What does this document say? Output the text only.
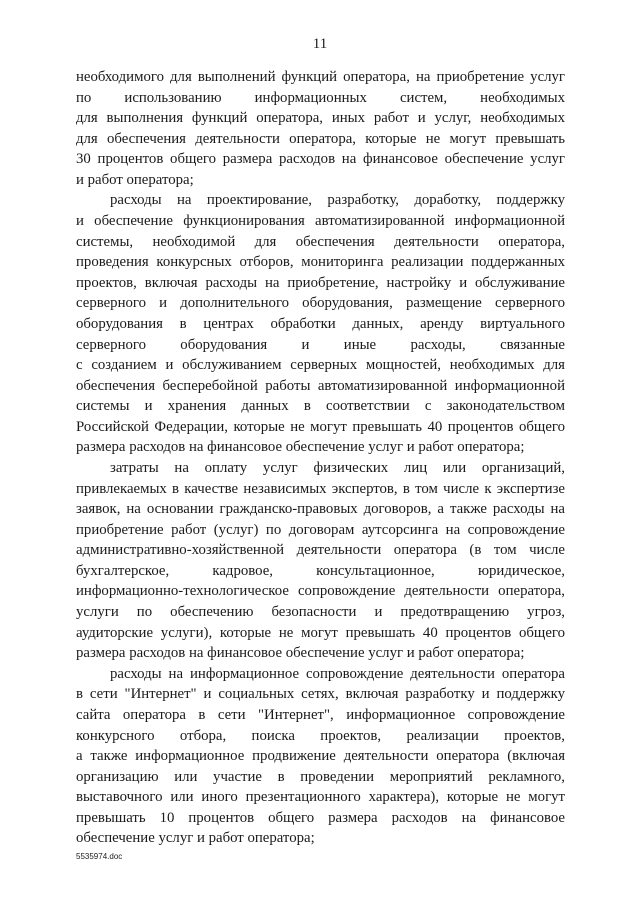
11
необходимого для выполнений функций оператора, на приобретение услуг
по использованию информационных систем, необходимых
для выполнения функций оператора, иных работ и услуг, необходимых
для обеспечения деятельности оператора, которые не могут превышать
30 процентов общего размера расходов на финансовое обеспечение услуг
и работ оператора;
расходы на проектирование, разработку, доработку, поддержку
и обеспечение функционирования автоматизированной информационной
системы, необходимой для обеспечения деятельности оператора,
проведения конкурсных отборов, мониторинга реализации поддержанных
проектов, включая расходы на приобретение, настройку и обслуживание
серверного и дополнительного оборудования, размещение серверного
оборудования в центрах обработки данных, аренду виртуального
серверного оборудования и иные расходы, связанные
с созданием и обслуживанием серверных мощностей, необходимых для
обеспечения бесперебойной работы автоматизированной информационной
системы и хранения данных в соответствии с законодательством
Российской Федерации, которые не могут превышать 40 процентов общего
размера расходов на финансовое обеспечение услуг и работ оператора;
затраты на оплату услуг физических лиц или организаций,
привлекаемых в качестве независимых экспертов, в том числе к экспертизе
заявок, на основании гражданско-правовых договоров, а также расходы на
приобретение работ (услуг) по договорам аутсорсинга на сопровождение
административно-хозяйственной деятельности оператора (в том числе
бухгалтерское, кадровое, консультационное, юридическое,
информационно-технологическое сопровождение деятельности оператора,
услуги по обеспечению безопасности и предотвращению угроз,
аудиторские услуги), которые не могут превышать 40 процентов общего
размера расходов на финансовое обеспечение услуг и работ оператора;
расходы на информационное сопровождение деятельности оператора
в сети "Интернет" и социальных сетях, включая разработку и поддержку
сайта оператора в сети "Интернет", информационное сопровождение
конкурсного отбора, поиска проектов, реализации проектов,
а также информационное продвижение деятельности оператора (включая
организацию или участие в проведении мероприятий рекламного,
выставочного или иного презентационного характера), которые не могут
превышать 10 процентов общего размера расходов на финансовое
обеспечение услуг и работ оператора;
5535974.doc
